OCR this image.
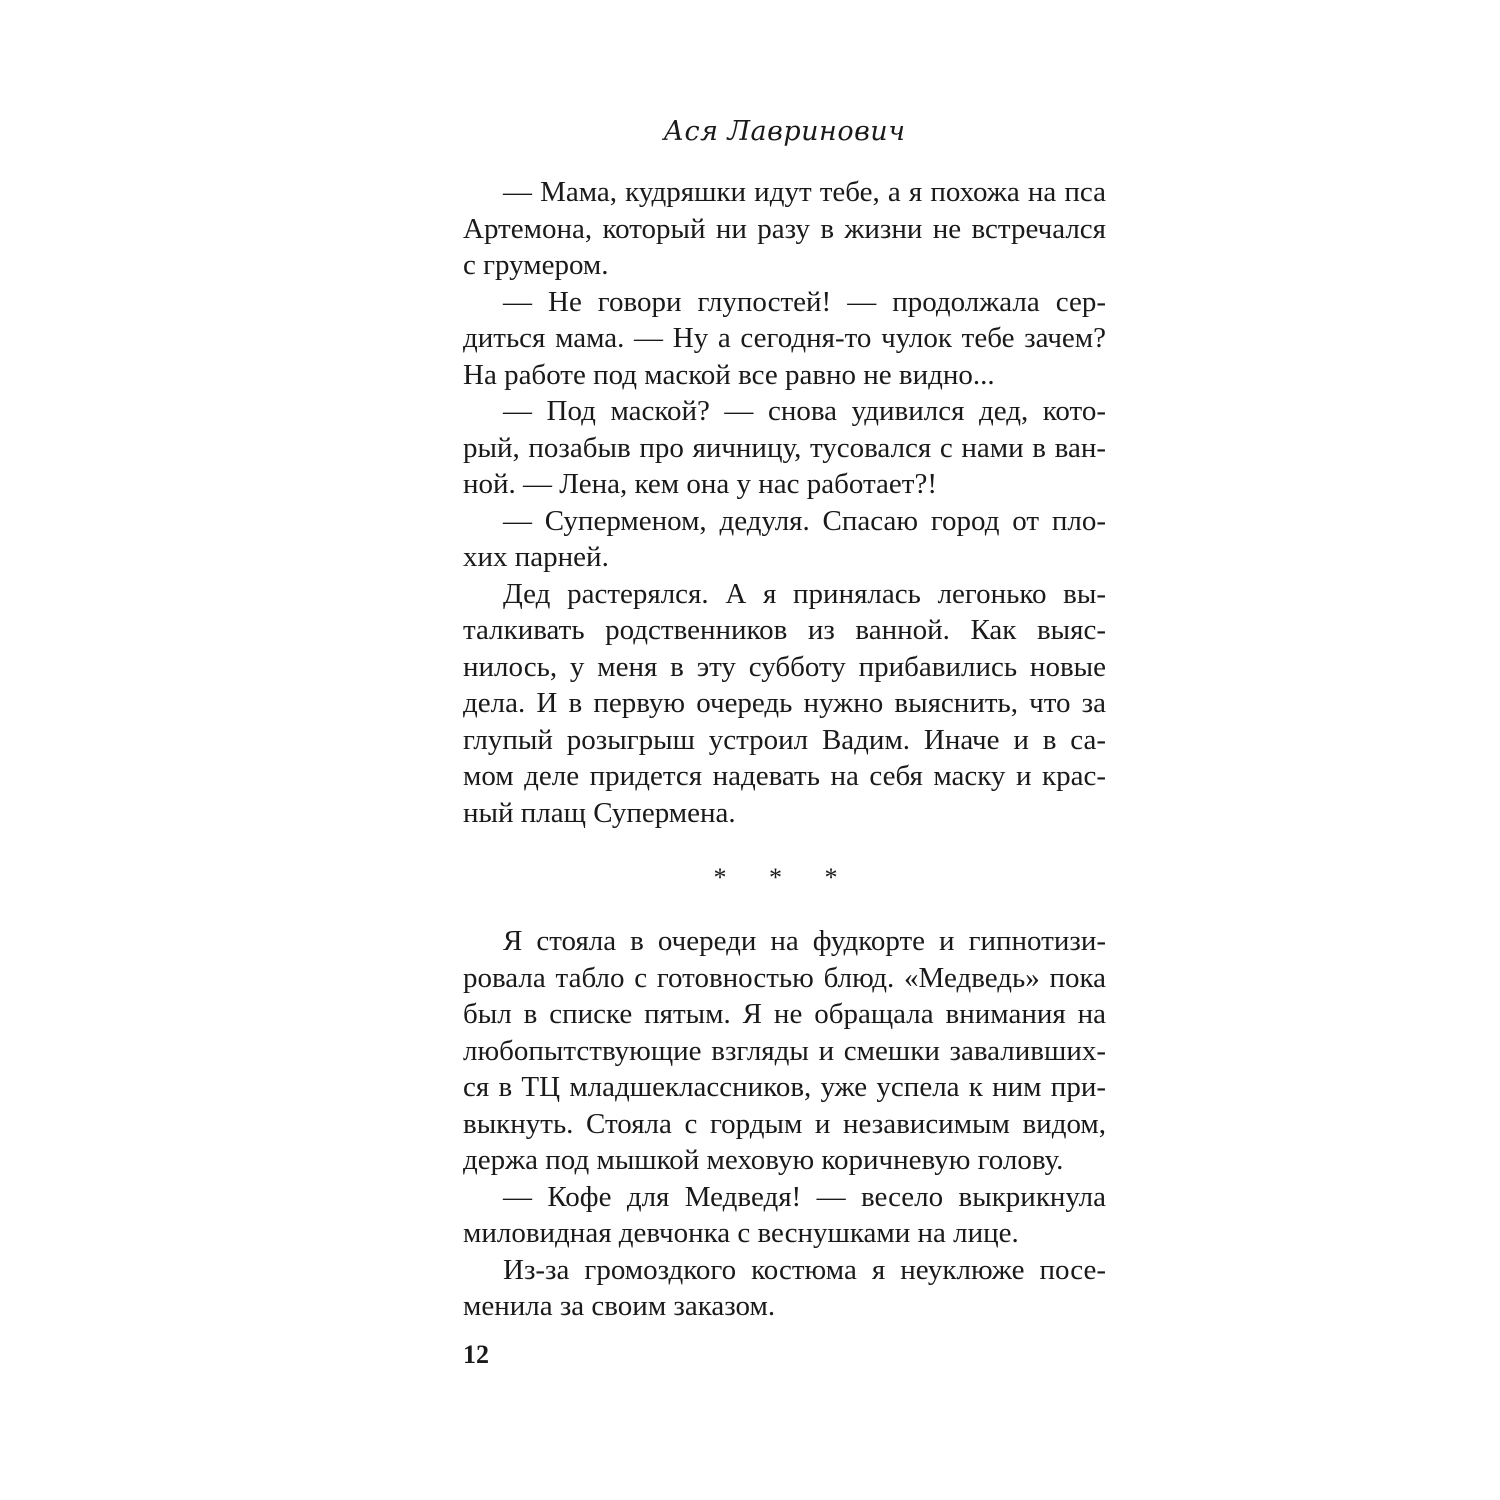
Ася Лавринович
— Мама, кудряшки идут тебе, а я похожа на пса
Артемона, который ни разу в жизни не встречался
с грумером.
— Не говори глупостей! — продолжала сер-
диться мама. — Ну а сегодня-то чулок тебе зачем?
На работе под маской все равно не видно...
— Под маской? — снова удивился дед, кото-
рый, позабыв про яичницу, тусовался с нами в ван-
ной. — Лена, кем она у нас работает?!
— Суперменом, дедуля. Спасаю город от пло-
хих парней.
Дед растерялся. А я принялась легонько вы-
талкивать родственников из ванной. Как выяс-
нилось, у меня в эту субботу прибавились новые
дела. И в первую очередь нужно выяснить, что за
глупый розыгрыш устроил Вадим. Иначе и в са-
мом деле придется надевать на себя маску и крас-
ный плащ Супермена.
* * *
Я стояла в очереди на фудкорте и гипнотизи-
ровала табло с готовностью блюд. «Медведь» пока
был в списке пятым. Я не обращала внимания на
любопытствующие взгляды и смешки заваливших-
ся в ТЦ младшеклассников, уже успела к ним при-
выкнуть. Стояла с гордым и независимым видом,
держа под мышкой меховую коричневую голову.
— Кофе для Медведя! — весело выкрикнула
миловидная девчонка с веснушками на лице.
Из-за громоздкого костюма я неуклюже посе-
менила за своим заказом.
12
